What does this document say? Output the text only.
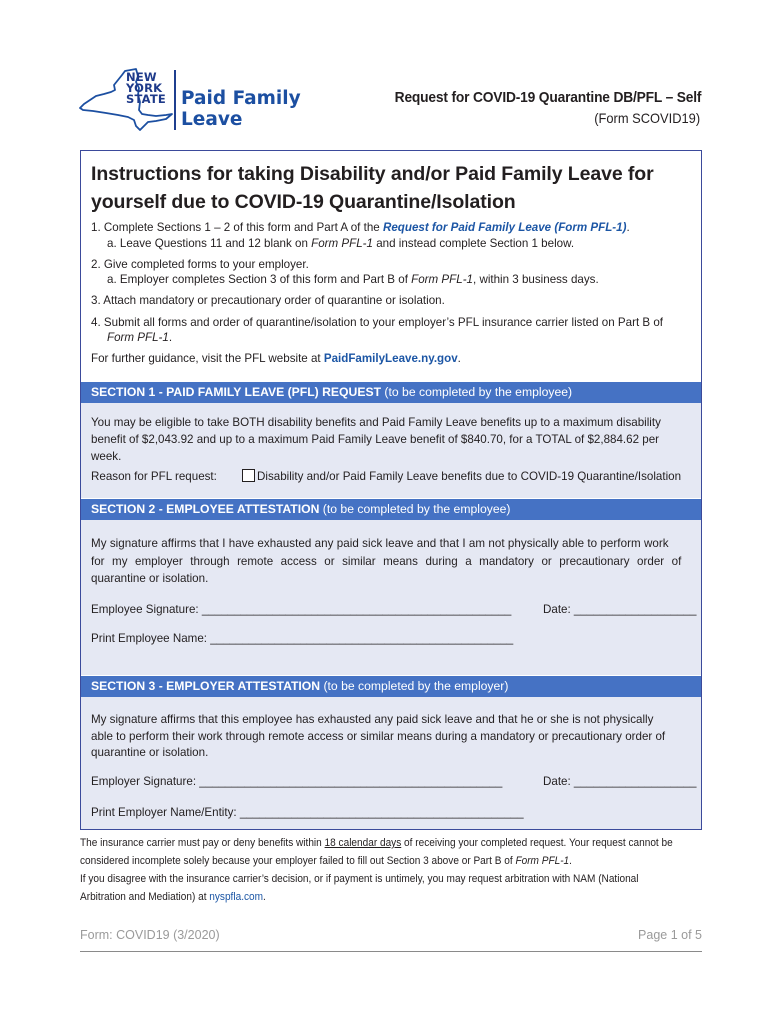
NEW
YORK
STATE Paid Family
Leave
Request for COVID-19 Quarantine DB/PFL – Self
(Form SCOVID19)
Instructions for taking Disability and/or Paid Family Leave for
yourself due to COVID-19 Quarantine/Isolation
1. Complete Sections 1 – 2 of this form and Part A of the Request for Paid Family Leave (Form PFL-1).
a. Leave Questions 11 and 12 blank on Form PFL-1 and instead complete Section 1 below.
2. Give completed forms to your employer.
a. Employer completes Section 3 of this form and Part B of Form PFL-1, within 3 business days.
3. Attach mandatory or precautionary order of quarantine or isolation.
4. Submit all forms and order of quarantine/isolation to your employer’s PFL insurance carrier listed on Part B of
Form PFL-1.
For further guidance, visit the PFL website at PaidFamilyLeave.ny.gov.
SECTION 1 - PAID FAMILY LEAVE (PFL) REQUEST (to be completed by the employee)
You may be eligible to take BOTH disability benefits and Paid Family Leave benefits up to a maximum disability
benefit of $2,043.92 and up to a maximum Paid Family Leave benefit of $840.70, for a TOTAL of $2,884.62 per
week.
Reason for PFL request:	Disability and/or Paid Family Leave benefits due to COVID-19 Quarantine/Isolation
SECTION 2 - EMPLOYEE ATTESTATION (to be completed by the employee)
My signature affirms that I have exhausted any paid sick leave and that I am not physically able to perform work
for my employer through remote access or similar means during a mandatory or precautionary order of
quarantine or isolation.
Employee Signature: ________________________________________________	Date: ___________________
Print Employee Name: _______________________________________________
SECTION 3 - EMPLOYER ATTESTATION (to be completed by the employer)
My signature affirms that this employee has exhausted any paid sick leave and that he or she is not physically
able to perform their work through remote access or similar means during a mandatory or precautionary order of
quarantine or isolation.
Employer Signature: _______________________________________________	Date: ___________________
Print Employer Name/Entity: ____________________________________________
The insurance carrier must pay or deny benefits within 18 calendar days of receiving your completed request. Your request cannot be
considered incomplete solely because your employer failed to fill out Section 3 above or Part B of Form PFL-1.
If you disagree with the insurance carrier’s decision, or if payment is untimely, you may request arbitration with NAM (National
Arbitration and Mediation) at nyspfla.com.
Form: COVID19 (3/2020)	Page 1 of 5
